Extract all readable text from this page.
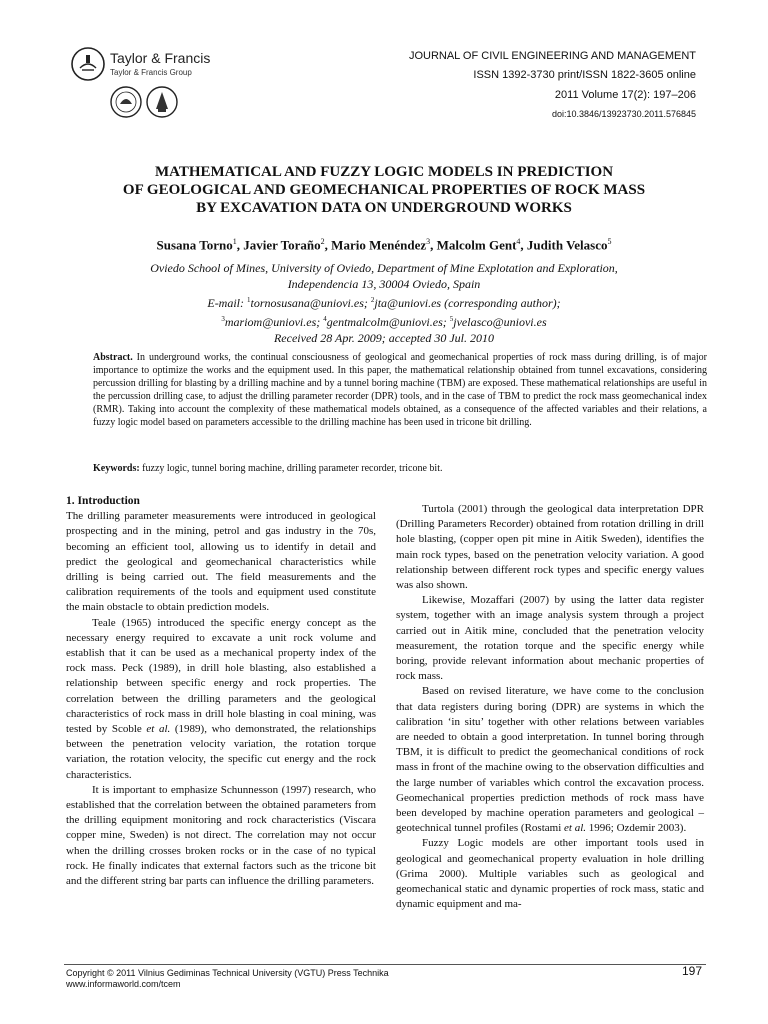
Taylor & Francis
Taylor & Francis Group
JOURNAL OF CIVIL ENGINEERING AND MANAGEMENT
ISSN 1392-3730 print/ISSN 1822-3605 online
2011 Volume 17(2): 197–206
doi:10.3846/13923730.2011.576845
MATHEMATICAL AND FUZZY LOGIC MODELS IN PREDICTION
OF GEOLOGICAL AND GEOMECHANICAL PROPERTIES OF ROCK MASS
BY EXCAVATION DATA ON UNDERGROUND WORKS
Susana Torno$^1$, Javier Toraño$^2$, Mario Menéndez$^3$, Malcolm Gent$^4$, Judith Velasco$^5$
Oviedo School of Mines, University of Oviedo, Department of Mine Explotation and Exploration,
Independencia 13, 30004 Oviedo, Spain
E-mail: $^1$tornosusana@uniovi.es; $^2$jta@uniovi.es (corresponding author);
$^3$mariom@uniovi.es; $^4$gentmalcolm@uniovi.es; $^5$jvelasco@uniovi.es
Received 28 Apr. 2009; accepted 30 Jul. 2010
Abstract. In underground works, the continual consciousness of geological and geomechanical properties of rock mass during drilling, is of major importance to optimize the works and the equipment used. In this paper, the mathematical relationship obtained from tunnel excavations, considering percussion drilling for blasting by a drilling machine and by a tunnel boring machine (TBM) are exposed. These mathematical relationships are useful in the percussion drilling case, to adjust the drilling parameter recorder (DPR) tools, and in the case of TBM to predict the rock mass geomechanical index (RMR). Taking into account the complexity of these mathematical models obtained, as a consequence of the affected variables and their relations, a fuzzy logic model based on parameters accessible to the drilling machine has been used in tricone bit drilling.
Keywords: fuzzy logic, tunnel boring machine, drilling parameter recorder, tricone bit.

1. Introduction

The drilling parameter measurements were introduced in geological prospecting and in the mining, petrol and gas industry in the 70s, becoming an efficient tool, allowing us to identify in detail and predict the geological and geomechanical characteristics while drilling is being carried out. The field measurements and the calibration requirements of the tools and equipment used constitute the main obstacle to obtain prediction models.

Teale (1965) introduced the specific energy concept as the necessary energy required to excavate a unit rock volume and establish that it can be used as a mechanical property index of the rock mass. Peck (1989), in drill hole blasting, also established a relationship between specific energy and rock properties. The correlation between the drilling parameters and the geological characteristics of rock mass in drill hole blasting in coal mining, was tested by Scoble et al. (1989), who demonstrated, the relationships between the penetration velocity variation, the rotation torque variation, the rotation velocity, the specific cut energy and the rock characteristics.

It is important to emphasize Schunnesson (1997) research, who established that the correlation between the obtained parameters from the drilling equipment monitoring and rock characteristics (Viscara copper mine, Sweden) is not direct. The correlation may not occur when the drilling crosses broken rocks or in the case of no typical rock. He finally indicates that external factors such as the tricone bit and the different string bar parts can influence the drilling parameters.

Turtola (2001) through the geological data interpretation DPR (Drilling Parameters Recorder) obtained from rotation drilling in drill hole blasting, (copper open pit mine in Aitik Sweden), identifies the main rock types, based on the penetration velocity variation. A good relationship between different rock types and specific energy values was also shown.

Likewise, Mozaffari (2007) by using the latter data register system, together with an image analysis system through a project carried out in Aitik mine, concluded that the penetration velocity measurement, the rotation torque and the specific energy while boring, provide relevant information about mechanic properties of rock mass.

Based on revised literature, we have come to the conclusion that data registers during boring (DPR) are systems in which the calibration ‘in situ’ together with other relations between variables are needed to obtain a good interpretation. In tunnel boring through TBM, it is difficult to predict the geomechanical conditions of rock mass in front of the machine owing to the observation difficulties and the large number of variables which control the excavation process. Geomechanical properties prediction methods of rock mass have been developed by machine operation parameters and geological – geotechnical tunnel profiles (Rostami et al. 1996; Ozdemir 2003).

Fuzzy Logic models are other important tools used in geological and geomechanical property evaluation in hole drilling (Grima 2000). Multiple variables such as geological and geomechanical static and dynamic properties of rock mass, static and dynamic equipment and ma-

Copyright © 2011 Vilnius Gediminas Technical University (VGTU) Press Technika
www.informaworld.com/tcem
197
